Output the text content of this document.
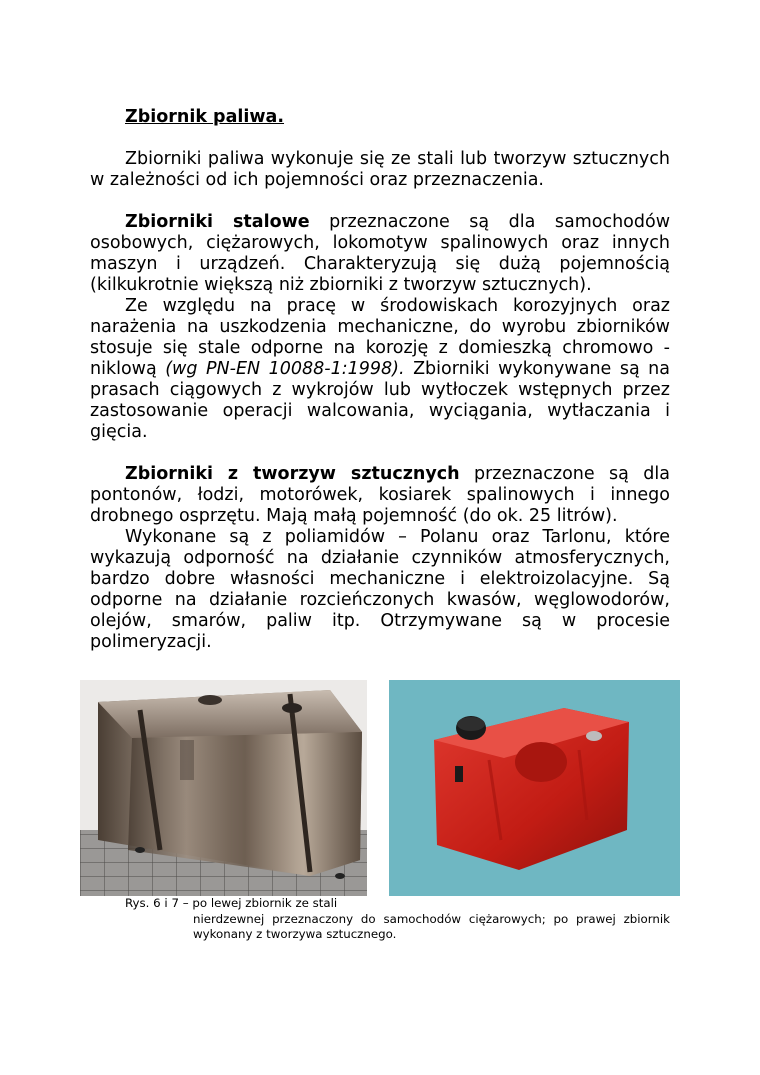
Zbiornik paliwa.

Zbiorniki paliwa wykonuje się ze stali lub tworzyw sztucznych w zależności od ich pojemności oraz przeznaczenia.

Zbiorniki stalowe przeznaczone są dla samochodów osobowych, ciężarowych, lokomotyw spalinowych oraz innych maszyn i urządzeń. Charakteryzują się dużą pojemnością (kilkukrotnie większą niż zbiorniki z tworzyw sztucznych).

Ze względu na pracę w środowiskach korozyjnych oraz narażenia na uszkodzenia mechaniczne, do wyrobu zbiorników stosuje się stale odporne na korozję z domieszką chromowo - niklową (wg PN-EN 10088-1:1998). Zbiorniki wykonywane są na prasach ciągowych z wykrojów lub wytłoczek wstępnych przez zastosowanie operacji walcowania, wyciągania, wytłaczania i gięcia.

Zbiorniki z tworzyw sztucznych przeznaczone są dla pontonów, łodzi, motorówek, kosiarek spalinowych i innego drobnego osprzętu. Mają małą pojemność (do ok. 25 litrów).

Wykonane są z poliamidów – Polanu oraz Tarlonu, które wykazują odporność na działanie czynników atmosferycznych, bardzo dobre własności mechaniczne i elektroizolacyjne. Są odporne na działanie rozcieńczonych kwasów, węglowodorów, olejów, smarów, paliw itp. Otrzymywane są w procesie polimeryzacji.

Rys. 6 i 7 – po lewej zbiornik ze stali
nierdzewnej przeznaczony do samochodów ciężarowych; po prawej zbiornik wykonany z tworzywa sztucznego.
